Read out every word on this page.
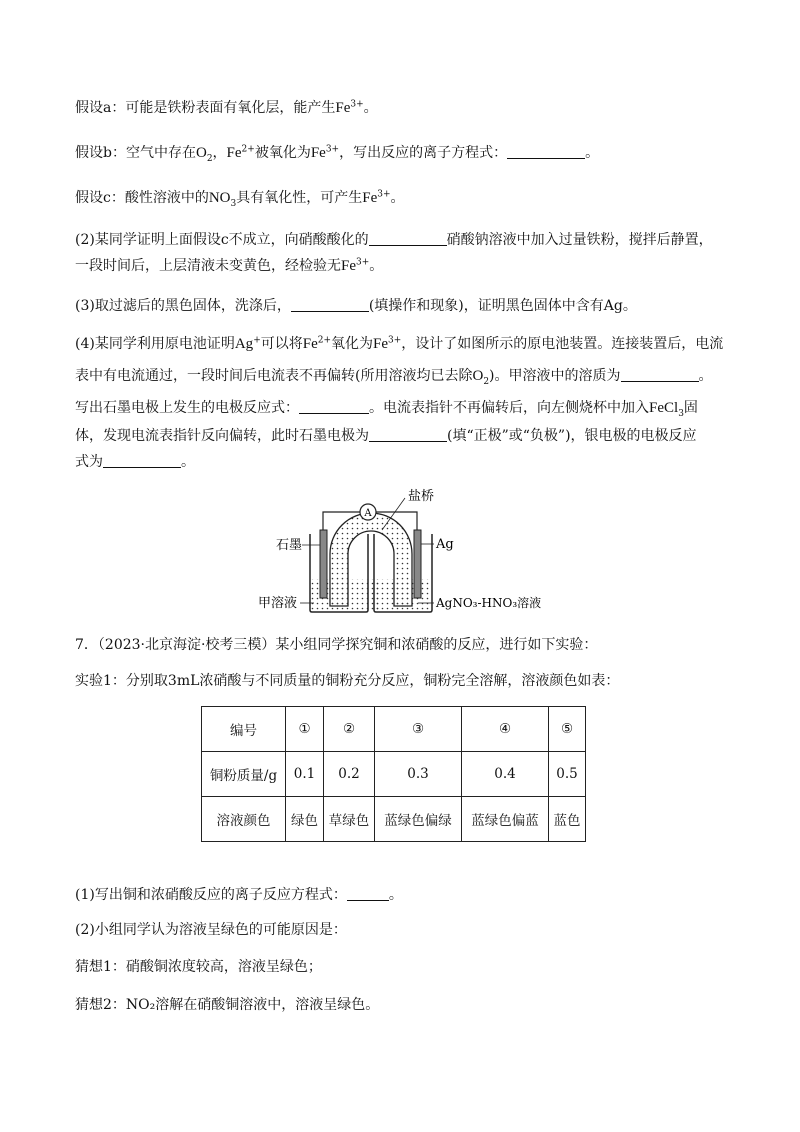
假设a：可能是铁粉表面有氧化层，能产生$Fe^{3+}$。
假设b：空气中存在$O_2$，$Fe^{2+}$被氧化为$Fe^{3+}$，写出反应的离子方程式：	。
假设c：酸性溶液中的$NO_3$具有氧化性，可产生$Fe^{3+}$。
(2)某同学证明上面假设c不成立，向硝酸酸化的	硝酸钠溶液中加入过量铁粉，搅拌后静置，
一段时间后，上层清液未变黄色，经检验无$Fe^{3+}$。
(3)取过滤后的黑色固体，洗涤后，	(填操作和现象)，证明黑色固体中含有Ag。
(4)某同学利用原电池证明Ag+可以将$Fe^{2+}$氧化为$Fe^{3+}$，设计了如图所示的原电池装置。连接装置后，电流
表中有电流通过，一段时间后电流表不再偏转(所用溶液均已去除$O_2$)。甲溶液中的溶质为	。
写出石墨电极上发生的电极反应式：	。电流表指针不再偏转后，向左侧烧杯中加入FeCl$_3$固
体，发现电流表指针反向偏转，此时石墨电极为	(填“正极”或“负极”)，银电极的电极反应
式为	。
A
盐桥
石墨	Ag
甲溶液	AgNO₃-HNO₃溶液
7．（2023·北京海淀·校考三模）某小组同学探究铜和浓硝酸的反应，进行如下实验：
实验1：分别取3mL浓硝酸与不同质量的铜粉充分反应，铜粉完全溶解，溶液颜色如表：
编号	①	②	③	④	⑤
铜粉质量/g	0.1	0.2	0.3	0.4	0.5
溶液颜色	绿色	草绿色	蓝绿色偏绿	蓝绿色偏蓝	蓝色
(1)写出铜和浓硝酸反应的离子反应方程式：	。
(2)小组同学认为溶液呈绿色的可能原因是：
猜想1：硝酸铜浓度较高，溶液呈绿色；
猜想2：NO₂溶解在硝酸铜溶液中，溶液呈绿色。
